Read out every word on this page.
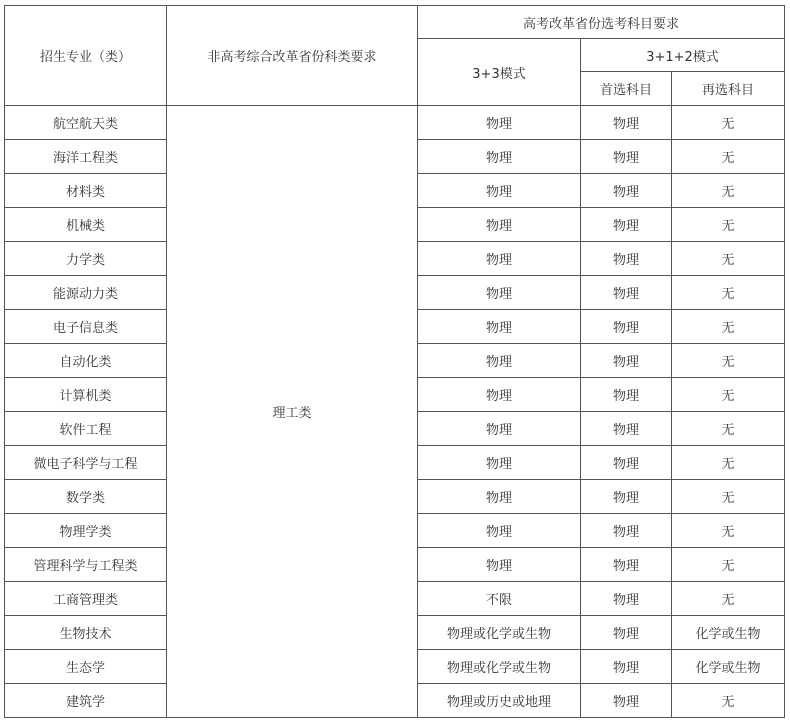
招生专业（类）	非高考综合改革省份科类要求	高考改革省份选考科目要求		
		3+3模式	3+1+2模式	
			首选科目	再选科目
航空航天类	理工类	物理	物理	无
海洋工程类		物理	物理	无
材料类		物理	物理	无
机械类		物理	物理	无
力学类		物理	物理	无
能源动力类		物理	物理	无
电子信息类		物理	物理	无
自动化类		物理	物理	无
计算机类		物理	物理	无
软件工程		物理	物理	无
微电子科学与工程		物理	物理	无
数学类		物理	物理	无
物理学类		物理	物理	无
管理科学与工程类		物理	物理	无
工商管理类		不限	物理	无
生物技术		物理或化学或生物	物理	化学或生物
生态学		物理或化学或生物	物理	化学或生物
建筑学		物理或历史或地理	物理	无
